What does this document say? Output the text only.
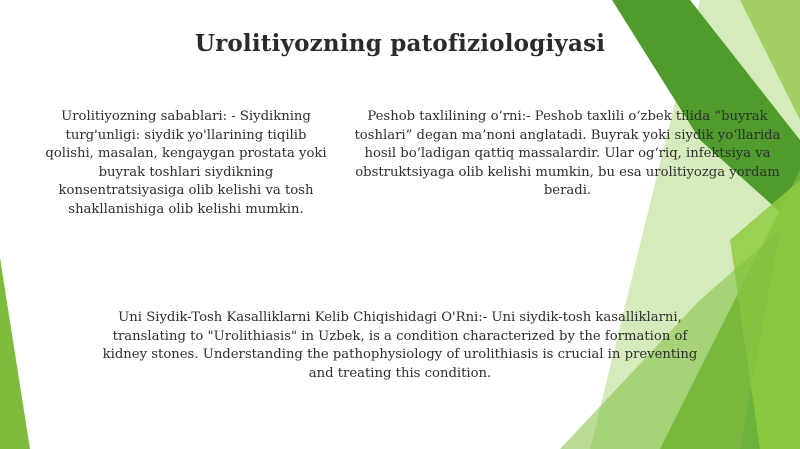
Urolitiyozning patofiziologiyasi
Urolitiyozning sabablari: - Siydikning turg'unligi: siydik yo'llarining tiqilib qolishi, masalan, kengaygan prostata yoki buyrak toshlari siydikning konsentratsiyasiga olib kelishi va tosh shakllanishiga olib kelishi mumkin.
Peshob taxlilining o‘rni:- Peshob taxlili o‘zbek tilida “buyrak toshlari” degan ma’noni anglatadi. Buyrak yoki siydik yo‘llarida hosil bo‘ladigan qattiq massalardir. Ular og‘riq, infektsiya va obstruktsiyaga olib kelishi mumkin, bu esa urolitiyozga yordam beradi.
Uni Siydik-Tosh Kasalliklarni Kelib Chiqishidagi O'Rni:- Uni siydik-tosh kasalliklarni, translating to "Urolithiasis" in Uzbek, is a condition characterized by the formation of kidney stones. Understanding the pathophysiology of urolithiasis is crucial in preventing and treating this condition.
